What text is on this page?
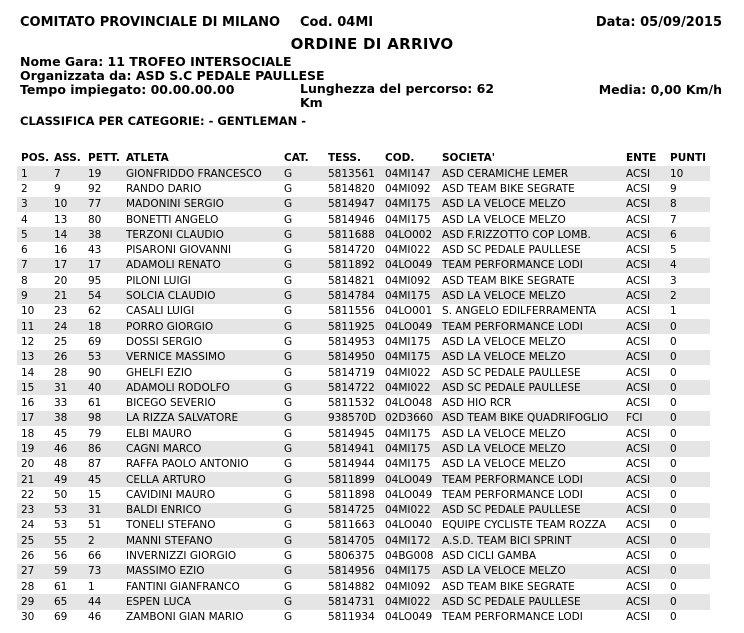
COMITATO PROVINCIALE DI MILANO Cod. 04MI	Data: 05/09/2015
ORDINE DI ARRIVO
Nome Gara: 11 TROFEO INTERSOCIALE
Organizzata da: ASD S.C PEDALE PAULLESE
Tempo impiegato: 00.00.00.00	Lunghezza del percorso: 62 Km
Media: 0,00 Km/h
CLASSIFICA PER CATEGORIE: - GENTLEMAN -
POS.	ASS.	PETT.	ATLETA	CAT.	TESS.	COD.	SOCIETA'	ENTE	PUNTI
1	7	19	GIONFRIDDO FRANCESCO	G	5813561	04MI147	ASD CERAMICHE LEMER	ACSI	10
2	9	92	RANDO DARIO	G	5814820	04MI092	ASD TEAM BIKE SEGRATE	ACSI	9
3	10	77	MADONINI SERGIO	G	5814947	04MI175	ASD LA VELOCE MELZO	ACSI	8
4	13	80	BONETTI ANGELO	G	5814946	04MI175	ASD LA VELOCE MELZO	ACSI	7
5	14	38	TERZONI CLAUDIO	G	5811688	04LO002	ASD F.RIZZOTTO COP LOMB.	ACSI	6
6	16	43	PISARONI GIOVANNI	G	5814720	04MI022	ASD SC PEDALE PAULLESE	ACSI	5
7	17	17	ADAMOLI RENATO	G	5811892	04LO049	TEAM PERFORMANCE LODI	ACSI	4
8	20	95	PILONI LUIGI	G	5814821	04MI092	ASD TEAM BIKE SEGRATE	ACSI	3
9	21	54	SOLCIA CLAUDIO	G	5814784	04MI175	ASD LA VELOCE MELZO	ACSI	2
10	23	62	CASALI LUIGI	G	5811556	04LO001	S. ANGELO EDILFERRAMENTA	ACSI	1
11	24	18	PORRO GIORGIO	G	5811925	04LO049	TEAM PERFORMANCE LODI	ACSI	0
12	25	69	DOSSI SERGIO	G	5814953	04MI175	ASD LA VELOCE MELZO	ACSI	0
13	26	53	VERNICE MASSIMO	G	5814950	04MI175	ASD LA VELOCE MELZO	ACSI	0
14	28	90	GHELFI EZIO	G	5814719	04MI022	ASD SC PEDALE PAULLESE	ACSI	0
15	31	40	ADAMOLI RODOLFO	G	5814722	04MI022	ASD SC PEDALE PAULLESE	ACSI	0
16	33	61	BICEGO SEVERIO	G	5811532	04LO048	ASD HIO RCR	ACSI	0
17	38	98	LA RIZZA SALVATORE	G	938570D	02D3660	ASD TEAM BIKE QUADRIFOGLIO	FCI	0
18	45	79	ELBI MAURO	G	5814945	04MI175	ASD LA VELOCE MELZO	ACSI	0
19	46	86	CAGNI MARCO	G	5814941	04MI175	ASD LA VELOCE MELZO	ACSI	0
20	48	87	RAFFA PAOLO ANTONIO	G	5814944	04MI175	ASD LA VELOCE MELZO	ACSI	0
21	49	45	CELLA ARTURO	G	5811899	04LO049	TEAM PERFORMANCE LODI	ACSI	0
22	50	15	CAVIDINI MAURO	G	5811898	04LO049	TEAM PERFORMANCE LODI	ACSI	0
23	53	31	BALDI ENRICO	G	5814725	04MI022	ASD SC PEDALE PAULLESE	ACSI	0
24	53	51	TONELI STEFANO	G	5811663	04LO040	EQUIPE CYCLISTE TEAM ROZZA	ACSI	0
25	55	2	MANNI STEFANO	G	5814705	04MI172	A.S.D. TEAM BICI SPRINT	ACSI	0
26	56	66	INVERNIZZI GIORGIO	G	5806375	04BG008	ASD CICLI GAMBA	ACSI	0
27	59	73	MASSIMO EZIO	G	5814956	04MI175	ASD LA VELOCE MELZO	ACSI	0
28	61	1	FANTINI GIANFRANCO	G	5814882	04MI092	ASD TEAM BIKE SEGRATE	ACSI	0
29	65	44	ESPEN LUCA	G	5814731	04MI022	ASD SC PEDALE PAULLESE	ACSI	0
30	69	46	ZAMBONI GIAN MARIO	G	5811934	04LO049	TEAM PERFORMANCE LODI	ACSI	0
